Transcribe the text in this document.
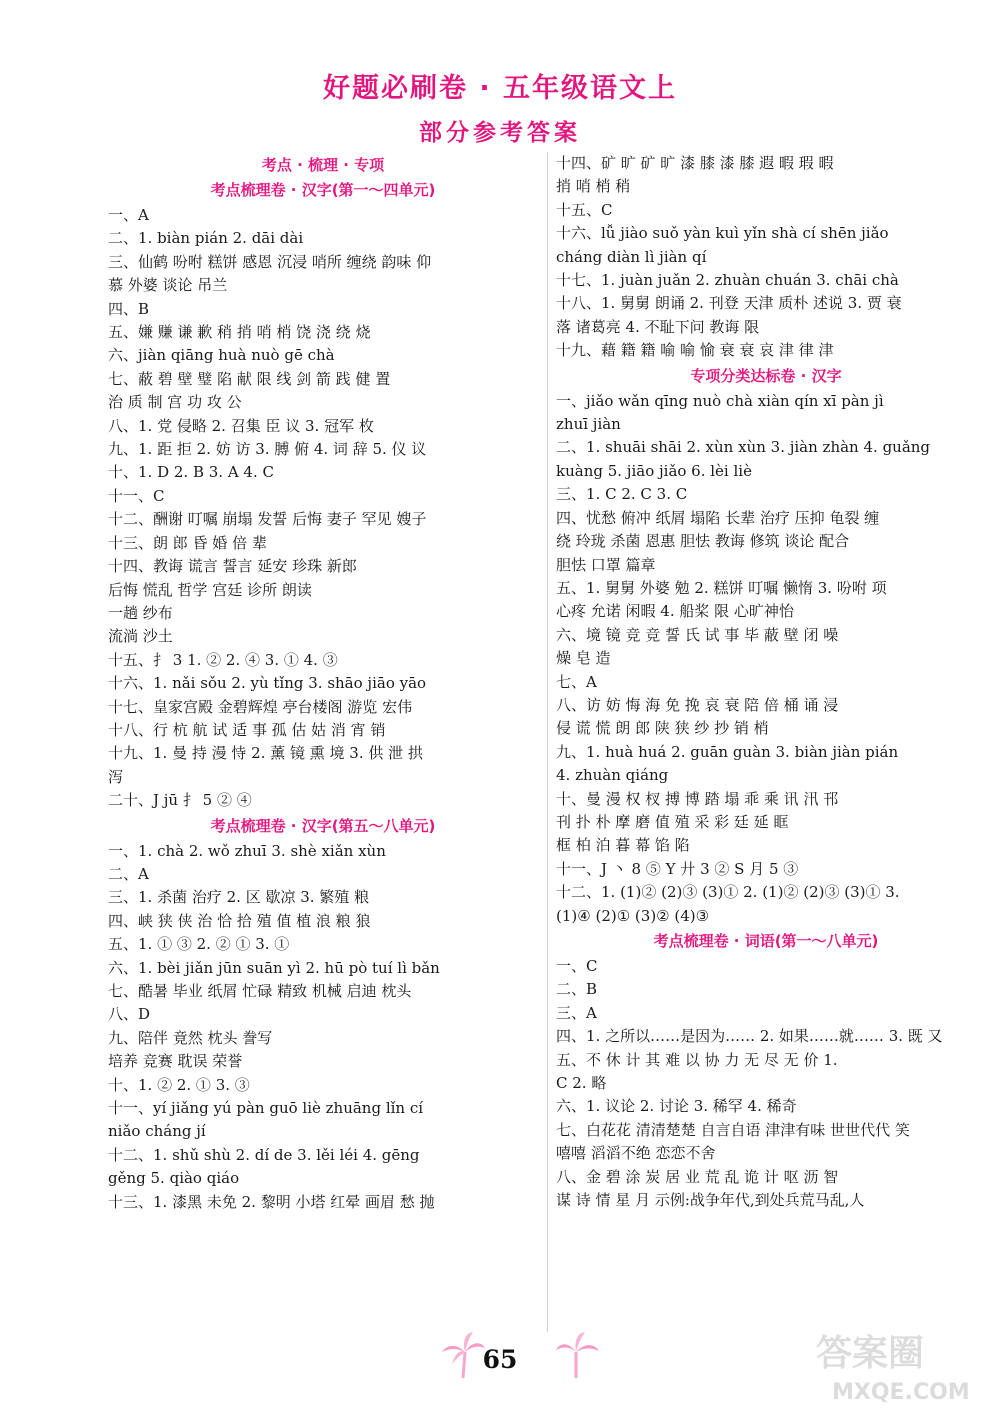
好题必刷卷 · 五年级语文上
部分参考答案
考点 · 梳理 · 专项
考点梳理卷 · 汉字(第一～四单元)
一、A
二、1. biàn pián 2. dāi dài
三、仙鹤 吩咐 糕饼 感恩 沉浸 哨所 缠绕 韵味 仰
慕 外婆 谈论 吊兰
四、B
五、嫌 赚 谦 歉 稍 捎 哨 梢 饶 浇 绕 烧
六、jiàn qiāng huà nuò gē chà
七、蔽 碧 壁 璧 陷 献 限 线 剑 箭 践 健 置
治 质 制 宫 功 攻 公
八、1. 党 侵略 2. 召集 臣 议 3. 冠军 枚
九、1. 距 拒 2. 妨 访 3. 膊 俯 4. 词 辞 5. 仪 议
十、1. D 2. B 3. A 4. C
十一、C
十二、酬谢 叮嘱 崩塌 发誓 后悔 妻子 罕见 嫂子
十三、朗 郎 昏 婚 倍 辈
十四、教诲 谎言 誓言 延安 珍珠 新郎
后悔 慌乱 哲学 宫廷 诊所 朗读
一趟 纱布
流淌 沙土
十五、扌 3 1. ② 2. ④ 3. ① 4. ③
十六、1. nǎi sǒu 2. yù tǐng 3. shāo jiāo yāo
十七、皇家宫殿 金碧辉煌 亭台楼阁 游览 宏伟
十八、行 杭 航 试 适 事 孤 估 姑 消 宵 销
十九、1. 曼 持 漫 恃 2. 薰 镜 熏 境 3. 供 泄 拱
泻
二十、J jū 扌 5 ② ④
考点梳理卷 · 汉字(第五～八单元)
一、1. chà 2. wǒ zhuī 3. shè xiǎn xùn
二、A
三、1. 杀菌 治疗 2. 区 歇凉 3. 繁殖 粮
四、峡 狭 侠 治 恰 拾 殖 值 植 浪 粮 狼
五、1. ① ③ 2. ② ① 3. ①
六、1. bèi jiǎn jūn suān yì 2. hū pò tuí lì bǎn
七、酷暑 毕业 纸屑 忙碌 精致 机械 启迪 枕头
八、D
九、陪伴 竟然 枕头 誊写
培养 竞赛 耽误 荣誉
十、1. ② 2. ① 3. ③
十一、yí jiǎng yú pàn guō liè zhuāng lǐn cí
niǎo cháng jí
十二、1. shǔ shù 2. dí de 3. lěi léi 4. gēng
gěng 5. qiào qiáo
十三、1. 漆黑 未免 2. 黎明 小塔 红晕 画眉 愁 抛
十四、矿 旷 矿 旷 漆 膝 漆 膝 遐 暇 瑕 暇
捎 哨 梢 稍
十五、C
十六、lǚ jiào suǒ yàn kuì yǐn shà cí shēn jiǎo
cháng diàn lì jiàn qí
十七、1. juàn juǎn 2. zhuàn chuán 3. chāi chà
十八、1. 舅舅 朗诵 2. 刊登 天津 质朴 述说 3. 贾 衰
落 诸葛亮 4. 不耻下问 教诲 限
十九、藉 籍 籍 喻 喻 愉 衰 衰 哀 津 律 津
专项分类达标卷 · 汉字
一、jiǎo wǎn qīng nuò chà xiàn qín xī pàn jì
zhuī jiàn
二、1. shuāi shāi 2. xùn xùn 3. jiàn zhàn 4. guǎng
kuàng 5. jiāo jiǎo 6. lèi liè
三、1. C 2. C 3. C
四、忧愁 俯冲 纸屑 塌陷 长辈 治疗 压抑 龟裂 缠
绕 玲珑 杀菌 恩惠 胆怯 教诲 修筑 谈论 配合
胆怯 口罩 篇章
五、1. 舅舅 外婆 勉 2. 糕饼 叮嘱 懒惰 3. 吩咐 项
心疼 允诺 闲暇 4. 船桨 限 心旷神怡
六、境 镜 竞 竞 誓 氏 试 事 毕 蔽 壁 闭 噪
燥 皂 造
七、A
八、访 妨 悔 海 免 挽 哀 衰 陪 倍 桶 诵 浸
侵 谎 慌 朗 郎 陕 狭 纱 抄 销 梢
九、1. huà huá 2. guān guàn 3. biàn jiàn pián
4. zhuàn qiáng
十、曼 漫 权 杈 搏 博 踏 塌 乖 乘 讯 汛 邗
刊 扑 朴 摩 磨 值 殖 采 彩 廷 延 眶
框 柏 泊 暮 幕 馅 陷
十一、J 丶 8 ⑤ Y 廾 3 ② S 月 5 ③
十二、1. (1)② (2)③ (3)① 2. (1)② (2)③ (3)① 3.
(1)④ (2)① (3)② (4)③
考点梳理卷 · 词语(第一～八单元)
一、C
二、B
三、A
四、1. 之所以……是因为…… 2. 如果……就…… 3. 既 又
五、不 休 计 其 难 以 协 力 无 尽 无 价 1.
C 2. 略
六、1. 议论 2. 讨论 3. 稀罕 4. 稀奇
七、白花花 清清楚楚 自言自语 津津有味 世世代代 笑
嘻嘻 滔滔不绝 恋恋不舍
八、金 碧 涂 炭 居 业 荒 乱 诡 计 呕 沥 智
谋 诗 情 星 月 示例:战争年代,到处兵荒马乱,人
65	答案圈
MXQE.COM
